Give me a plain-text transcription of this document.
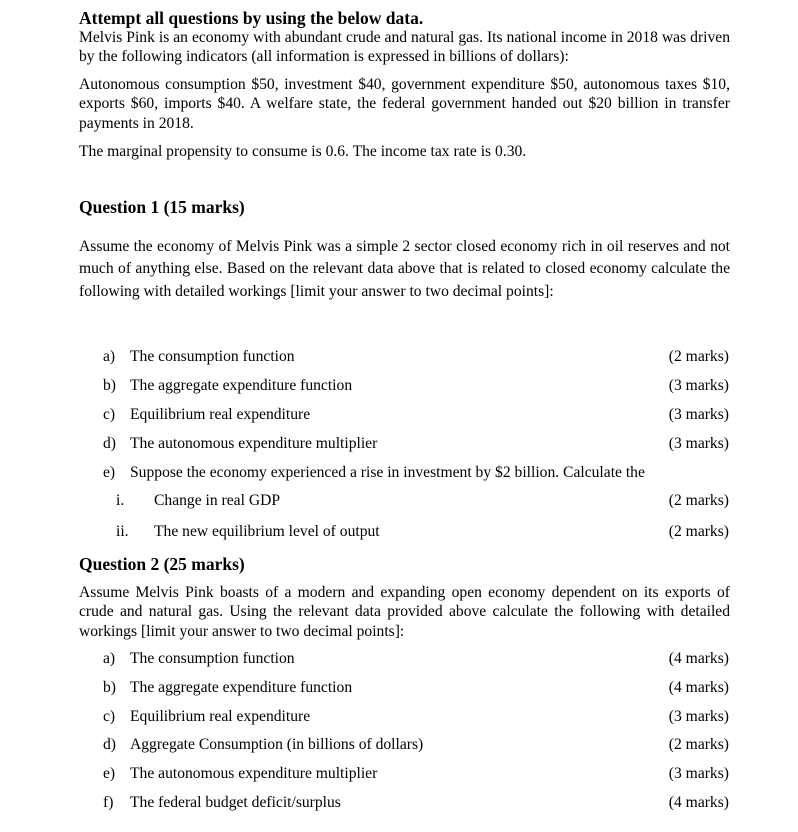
Attempt all questions by using the below data.
Melvis Pink is an economy with abundant crude and natural gas. Its national income in 2018 was driven by the following indicators (all information is expressed in billions of dollars):
Autonomous consumption $50, investment $40, government expenditure $50, autonomous taxes $10, exports $60, imports $40. A welfare state, the federal government handed out $20 billion in transfer payments in 2018.
The marginal propensity to consume is 0.6. The income tax rate is 0.30.
Question 1 (15 marks)
Assume the economy of Melvis Pink was a simple 2 sector closed economy rich in oil reserves and not much of anything else. Based on the relevant data above that is related to closed economy calculate the following with detailed workings [limit your answer to two decimal points]:
a) The consumption function	(2 marks)
b) The aggregate expenditure function	(3 marks)
c) Equilibrium real expenditure	(3 marks)
d) The autonomous expenditure multiplier	(3 marks)
e) Suppose the economy experienced a rise in investment by $2 billion. Calculate the
i. Change in real GDP	(2 marks)
ii. The new equilibrium level of output	(2 marks)
Question 2 (25 marks)
Assume Melvis Pink boasts of a modern and expanding open economy dependent on its exports of crude and natural gas. Using the relevant data provided above calculate the following with detailed workings [limit your answer to two decimal points]:
a) The consumption function	(4 marks)
b) The aggregate expenditure function	(4 marks)
c) Equilibrium real expenditure	(3 marks)
d) Aggregate Consumption (in billions of dollars)	(2 marks)
e) The autonomous expenditure multiplier	(3 marks)
f) The federal budget deficit/surplus	(4 marks)
